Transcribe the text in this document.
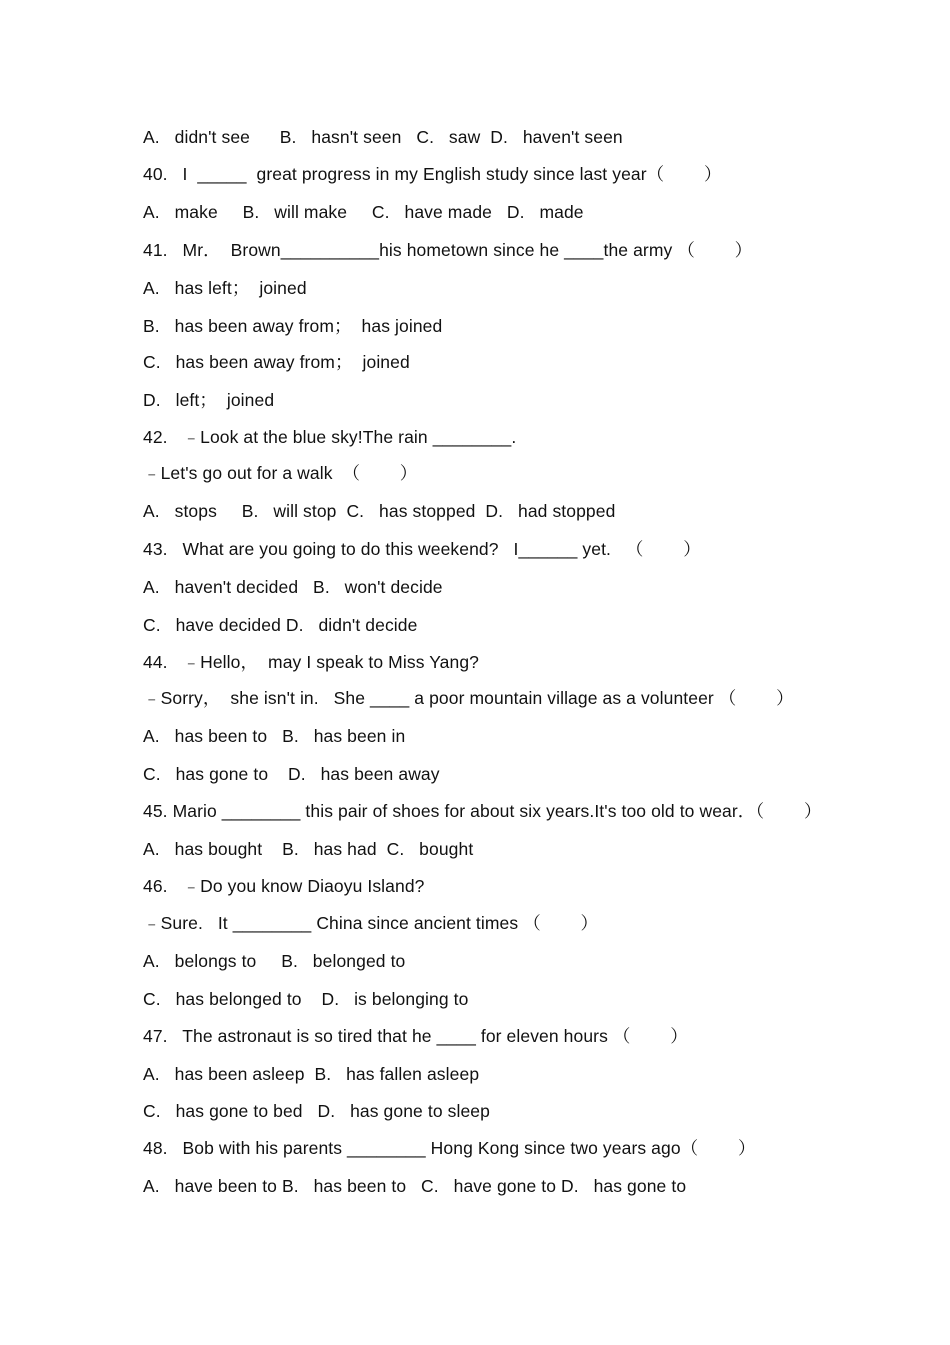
A.   didn't see      B.   hasn't seen   C.   saw  D.   haven't seen
40.   I  _____  great progress in my English study since last year（        ）
A.   make     B.   will make     C.   have made   D.   made
41.   Mr．  Brown__________his hometown since he ____the army （        ）
A.   has left；  joined
B.   has been away from；  has joined
C.   has been away from；  joined
D.   left；  joined
42.   ﹣Look at the blue sky!The rain ________.
﹣Let's go out for a walk  （        ）
A.   stops     B.   will stop  C.   has stopped  D.   had stopped
43.   What are you going to do this weekend?   I______ yet.   （        ）
A.   haven't decided   B.   won't decide
C.   have decided D.   didn't decide
44.   ﹣Hello，  may I speak to Miss Yang?
﹣Sorry，  she isn't in.   She ____ a poor mountain village as a volunteer （        ）
A.   has been to   B.   has been in
C.   has gone to    D.   has been away
45. Mario ________ this pair of shoes for about six years.It's too old to wear．（        ）
A.   has bought    B.   has had  C.   bought
46.   ﹣Do you know Diaoyu Island?
﹣Sure.   It ________ China since ancient times （        ）
A.   belongs to     B.   belonged to
C.   has belonged to    D.   is belonging to
47.   The astronaut is so tired that he ____ for eleven hours （        ）
A.   has been asleep  B.   has fallen asleep
C.   has gone to bed   D.   has gone to sleep
48.   Bob with his parents ________ Hong Kong since two years ago（        ）
A.   have been to B.   has been to   C.   have gone to D.   has gone to
